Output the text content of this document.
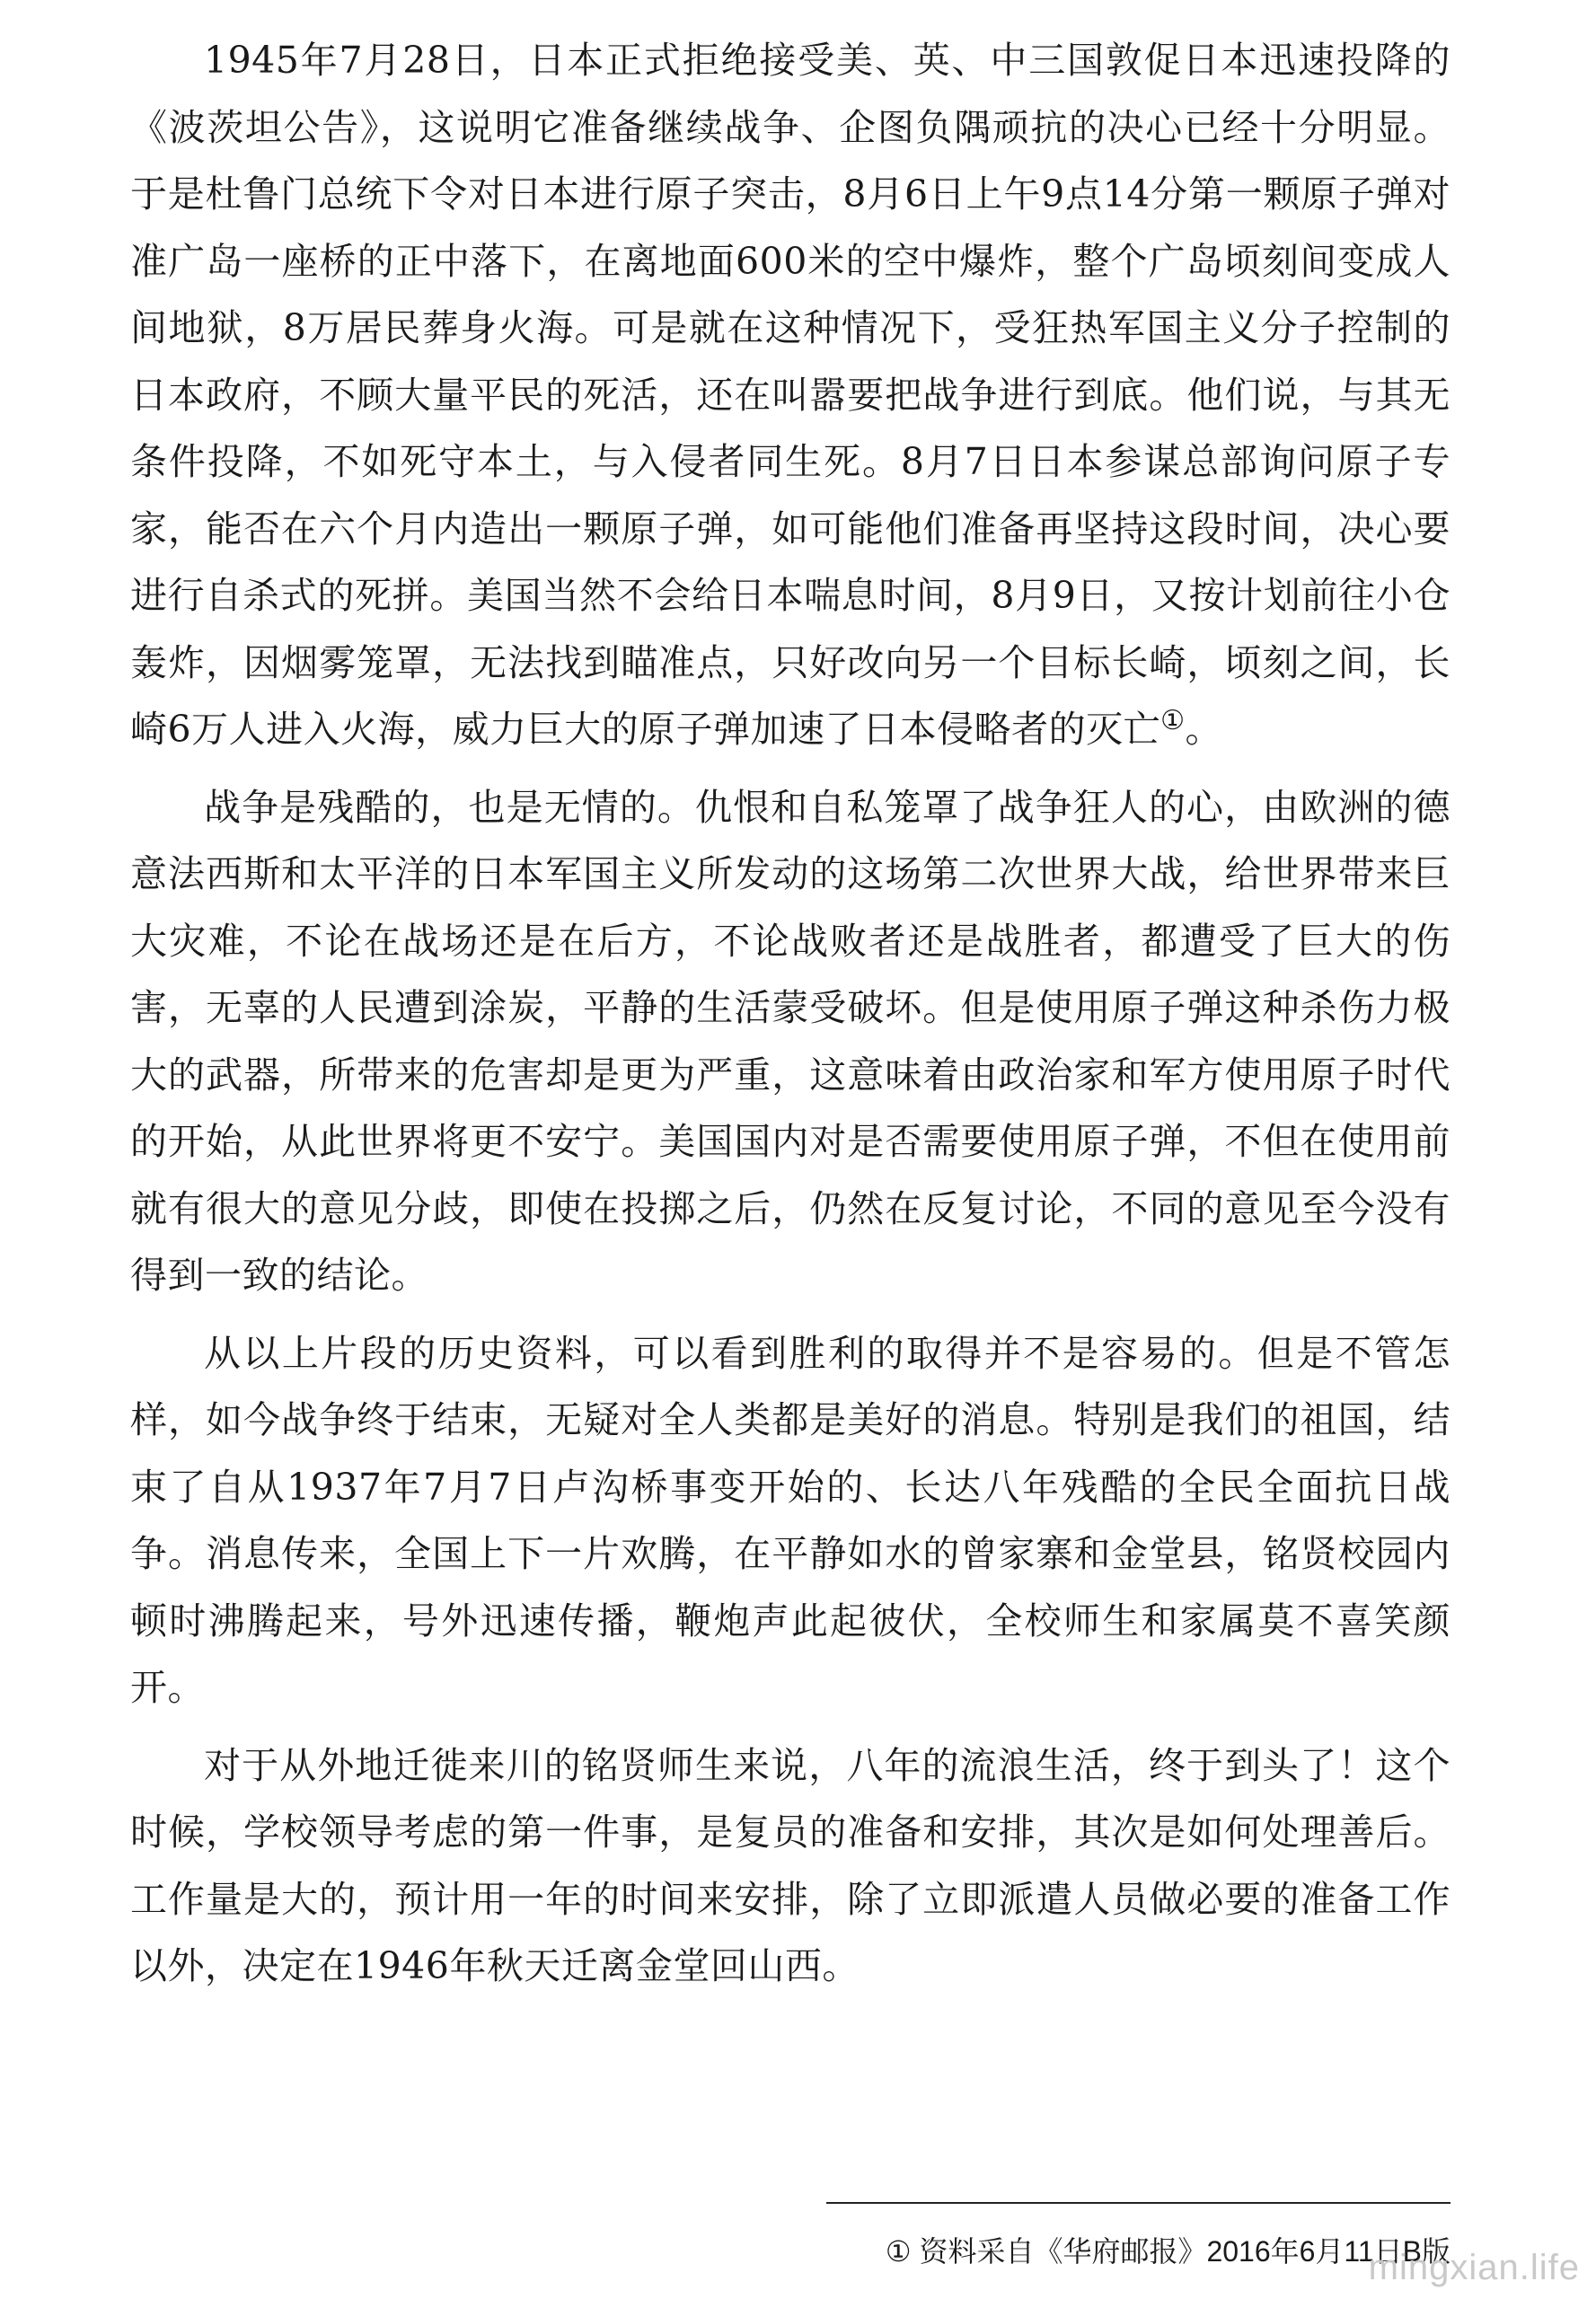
1945年7月28日，日本正式拒绝接受美、英、中三国敦促日本迅速投降的《波茨坦公告》，这说明它准备继续战争、企图负隅顽抗的决心已经十分明显。于是杜鲁门总统下令对日本进行原子突击，8月6日上午9点14分第一颗原子弹对准广岛一座桥的正中落下，在离地面600米的空中爆炸，整个广岛顷刻间变成人间地狱，8万居民葬身火海。可是就在这种情况下，受狂热军国主义分子控制的日本政府，不顾大量平民的死活，还在叫嚣要把战争进行到底。他们说，与其无条件投降，不如死守本土，与入侵者同生死。8月7日日本参谋总部询问原子专家，能否在六个月内造出一颗原子弹，如可能他们准备再坚持这段时间，决心要进行自杀式的死拼。美国当然不会给日本喘息时间，8月9日，又按计划前往小仓轰炸，因烟雾笼罩，无法找到瞄准点，只好改向另一个目标长崎，顷刻之间，长崎6万人进入火海，威力巨大的原子弹加速了日本侵略者的灭亡①。

战争是残酷的，也是无情的。仇恨和自私笼罩了战争狂人的心，由欧洲的德意法西斯和太平洋的日本军国主义所发动的这场第二次世界大战，给世界带来巨大灾难，不论在战场还是在后方，不论战败者还是战胜者，都遭受了巨大的伤害，无辜的人民遭到涂炭，平静的生活蒙受破坏。但是使用原子弹这种杀伤力极大的武器，所带来的危害却是更为严重，这意味着由政治家和军方使用原子时代的开始，从此世界将更不安宁。美国国内对是否需要使用原子弹，不但在使用前就有很大的意见分歧，即使在投掷之后，仍然在反复讨论，不同的意见至今没有得到一致的结论。

从以上片段的历史资料，可以看到胜利的取得并不是容易的。但是不管怎样，如今战争终于结束，无疑对全人类都是美好的消息。特别是我们的祖国，结束了自从1937年7月7日卢沟桥事变开始的、长达八年残酷的全民全面抗日战争。消息传来，全国上下一片欢腾，在平静如水的曾家寨和金堂县，铭贤校园内顿时沸腾起来，号外迅速传播，鞭炮声此起彼伏，全校师生和家属莫不喜笑颜开。

对于从外地迁徙来川的铭贤师生来说，八年的流浪生活，终于到头了！这个时候，学校领导考虑的第一件事，是复员的准备和安排，其次是如何处理善后。工作量是大的，预计用一年的时间来安排，除了立即派遣人员做必要的准备工作以外，决定在1946年秋天迁离金堂回山西。

① 资料采自《华府邮报》2016年6月11日B版
mingxian.life
